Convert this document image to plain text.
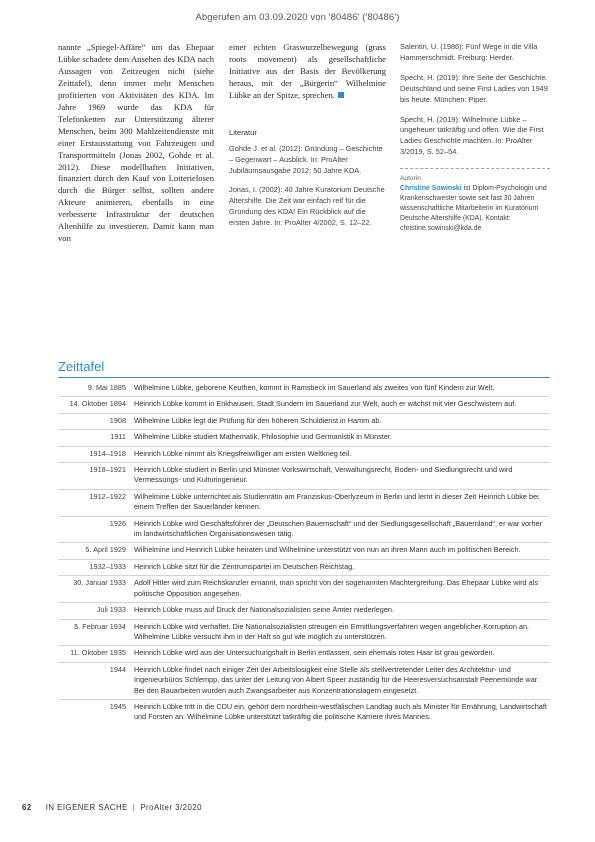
Abgerufen am 03.09.2020 von '80486' ('80486')

nannte „Spiegel-Affäre“ um das Ehepaar Lübke schadete dem Ansehen des KDA nach Aussagen von Zeitzeugen nicht (siehe Zeittafel), denn immer mehr Menschen profitierten von Aktivitäten des KDA. Im Jahre 1969 wurde das KDA für Telefonketten zur Unterstützung älterer Menschen, beim 300 Mahlzeitendienste mit einer Erstausstattung von Fahrzeugen und Transportmitteln (Jonas 2002, Gohde et al. 2012). Diese modellhaften Initiativen, finanziert durch den Kauf von Lotterielosen durch die Bürger selbst, sollten andere Akteure animieren, ebenfalls in eine verbesserte Infrastruktur der deutschen Altenhilfe zu investieren. Damit kann man von

einer echten Graswurzelbewegung (grass roots movement) als gesellschaftliche Initiative aus der Basis der Bevölkerung heraus, mit der „Bürgerin“ Wilhelmine Lübke an der Spitze, sprechen.

Literatur
Gohde J. et al. (2012): Gründung – Geschichte – Gegenwart – Ausblick. In: ProAlter Jubiläumsausgabe 2012: 50 Jahre KDA.
Jonas, I. (2002): 40 Jahre Kuratorium Deutsche Altershilfe. Die Zeit war einfach reif für die Gründung des KDA! Ein Rückblick auf die ersten Jahre. In: ProAlter 4/2002, S. 12–22.
Salentin, U. (1986): Fünf Wege in die Villa Hammerschmidt. Freiburg: Herder.
Specht, H. (2019): Ihre Seite der Geschichte. Deutschland und seine First Ladies von 1949 bis heute. München: Piper.
Specht, H. (2019): Wilhelmine Lübke – ungeheuer tatkräftig und offen. Wie die First Ladies Geschichte machten. In: ProAlter 3/2019, S. 52–54.
Autorin

Christine Sowinski ist Diplom-Psychologin und Krankenschwester sowie seit fast 30 Jahren wissenschaftliche Mitarbeiterin im Kuratorium Deutsche Altershilfe (KDA). Kontakt: christine.sowinski@kda.de

Zeittafel
9. Mai 1885	Wilhelmine Lübke, geborene Keuthen, kommt in Ramsbeck im Sauerland als zweites von fünf Kindern zur Welt.
14. Oktober 1894	Heinrich Lübke kommt in Enkhausen, Stadt Sundern im Sauerland zur Welt, auch er wächst mit vier Geschwistern auf.
1908	Wilhelmine Lübke legt die Prüfung für den höheren Schuldienst in Hamm ab.
1911	Wilhelmine Lübke studiert Mathematik, Philosophie und Germanistik in Münster.
1914–1918	Heinrich Lübke nimmt als Kriegsfreiwilliger am ersten Weltkrieg teil.
1918–1921	Heinrich Lübke studiert in Berlin und Münster Vorkswirtschaft, Verwaltungsrecht, Boden- und Siedlungsrecht und wird Vermessungs- und Kulturingenieur.
1912–1922	Wilhelmine Lübke unterrichtet als Studienrätin am Franziskus-Oberlyzeum in Berlin und lernt in dieser Zeit Heinrich Lübke bei einem Treffen der Sauerländer kennen.
1926	Heinrich Lübke wird Geschäftsführer der „Deutschen Bauernschaft“ und der Siedlungsgesellschaft „Bauernland“, er war vorher im landwirtschaftlichen Organisationswesen tätig.
5. April 1929	Wilhelmine und Heinrich Lübke heiraten und Wilhelmine unterstützt von nun an ihren Mann auch im politischen Bereich.
1932–1933	Heinrich Lübke sitzt für die Zentrumspartei im Deutschen Reichstag.
30. Januar 1933	Adolf Hitler wird zum Reichskanzler ernannt, man spricht von der sogenannten Machtergreifung. Das Ehepaar Lübke wird als politische Opposition angesehen.
Juli 1933	Heinrich Lübke muss auf Druck der Nationalsozialisten seine Ämter niederlegen.
5. Februar 1934	Heinrich Lübke wird verhaftet. Die Nationalsozialisten streugen ein Ermittlungsverfahren wegen angeblicher Korruption an. Wilhelmine Lübke versucht ihm in der Haft so gut wie möglich zu unterstützen.
11. Oktober 1935	Heinrich Lübke wird aus der Untersuchungshaft in Berlin entlassen, sein ehemals rotes Haar ist grau geworden.
1944	Heinrich Lübke findet nach einiger Zeit der Arbeitslosigkeit eine Stelle als stellvertretender Leiter des Architektur- und Ingenieurbüros Schlempp, das unter der Leitung von Albert Speer zuständig für die Heeresversuchsanstalt Peenemünde war. Bei den Bauarbeiten wurden auch Zwangsarbeiter aus Konzentrationslagern eingesetzt.
1945	Heinrich Lübke tritt in die CDU ein, gehört dem nordrhein-westfälischen Landtag auch als Minister für Ernährung, Landwirtschaft und Forsten an. Wilhelmine Lübke unterstützt tatkräftig die politische Karriere ihres Mannes.
62 IN EIGENER SACHE | ProAlter 3/2020
